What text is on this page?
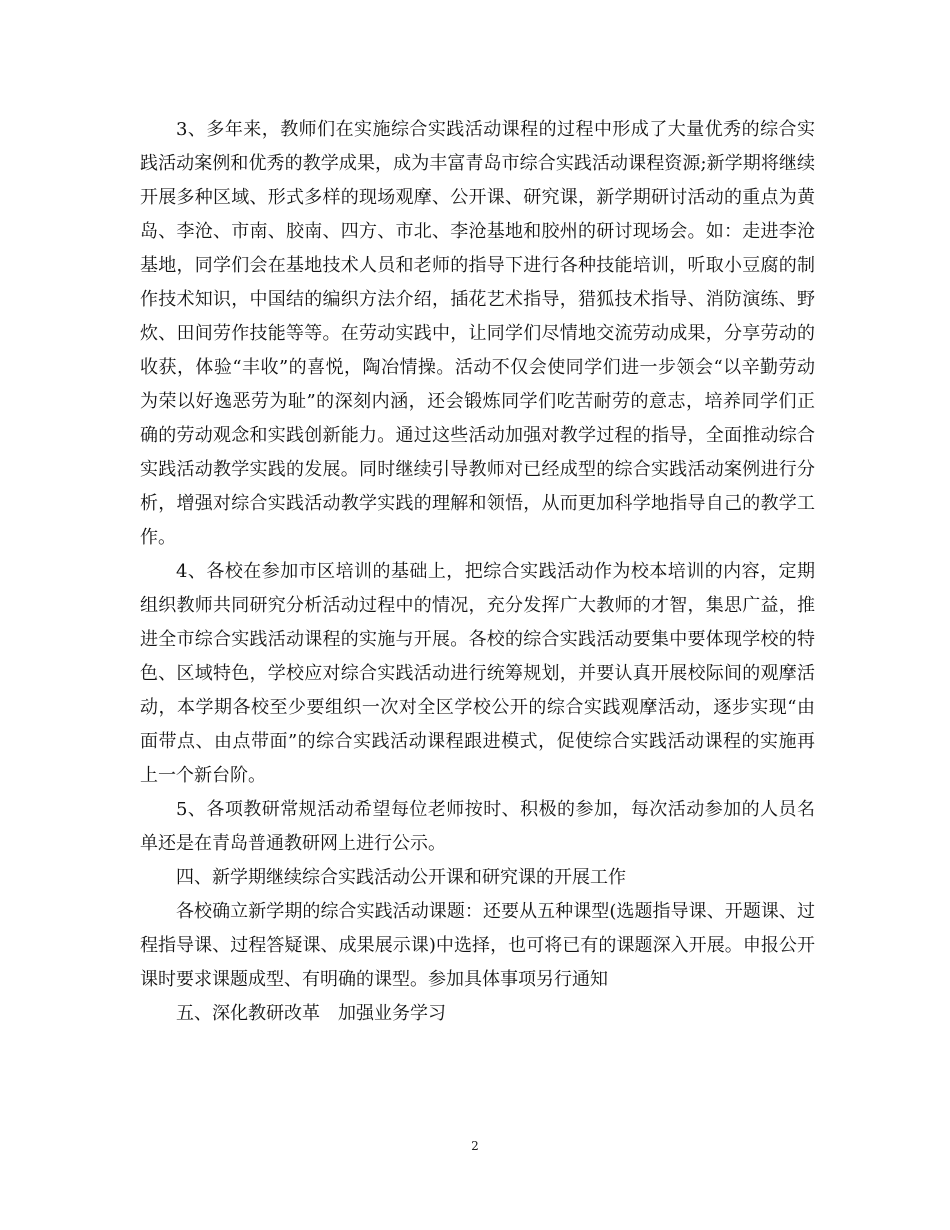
3、多年来，教师们在实施综合实践活动课程的过程中形成了大量优秀的综合实践活动案例和优秀的教学成果，成为丰富青岛市综合实践活动课程资源;新学期将继续开展多种区域、形式多样的现场观摩、公开课、研究课，新学期研讨活动的重点为黄岛、李沧、市南、胶南、四方、市北、李沧基地和胶州的研讨现场会。如：走进李沧基地，同学们会在基地技术人员和老师的指导下进行各种技能培训，听取小豆腐的制作技术知识，中国结的编织方法介绍，插花艺术指导，猎狐技术指导、消防演练、野炊、田间劳作技能等等。在劳动实践中，让同学们尽情地交流劳动成果，分享劳动的收获，体验“丰收”的喜悦，陶冶情操。活动不仅会使同学们进一步领会“以辛勤劳动为荣以好逸恶劳为耻”的深刻内涵，还会锻炼同学们吃苦耐劳的意志，培养同学们正确的劳动观念和实践创新能力。通过这些活动加强对教学过程的指导，全面推动综合实践活动教学实践的发展。同时继续引导教师对已经成型的综合实践活动案例进行分析，增强对综合实践活动教学实践的理解和领悟，从而更加科学地指导自己的教学工作。

4、各校在参加市区培训的基础上，把综合实践活动作为校本培训的内容，定期组织教师共同研究分析活动过程中的情况，充分发挥广大教师的才智，集思广益，推进全市综合实践活动课程的实施与开展。各校的综合实践活动要集中要体现学校的特色、区域特色，学校应对综合实践活动进行统筹规划，并要认真开展校际间的观摩活动，本学期各校至少要组织一次对全区学校公开的综合实践观摩活动，逐步实现“由面带点、由点带面”的综合实践活动课程跟进模式，促使综合实践活动课程的实施再上一个新台阶。

5、各项教研常规活动希望每位老师按时、积极的参加，每次活动参加的人员名单还是在青岛普通教研网上进行公示。

四、新学期继续综合实践活动公开课和研究课的开展工作

各校确立新学期的综合实践活动课题：还要从五种课型(选题指导课、开题课、过程指导课、过程答疑课、成果展示课)中选择，也可将已有的课题深入开展。申报公开课时要求课题成型、有明确的课型。参加具体事项另行通知

五、深化教研改革　加强业务学习

2
